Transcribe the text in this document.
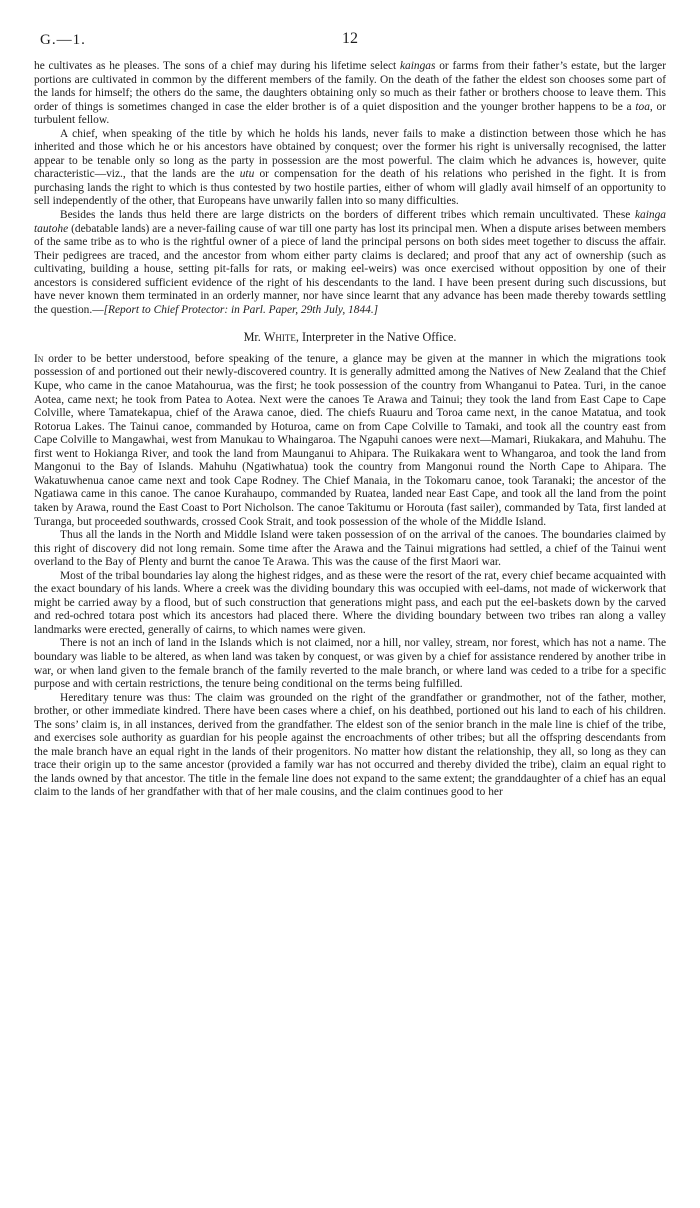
G.—1.	12

he cultivates as he pleases. The sons of a chief may during his lifetime select kaingas or farms from their father’s estate, but the larger portions are cultivated in common by the different members of the family. On the death of the father the eldest son chooses some part of the lands for himself; the others do the same, the daughters obtaining only so much as their father or brothers choose to leave them. This order of things is sometimes changed in case the elder brother is of a quiet disposition and the younger brother happens to be a toa, or turbulent fellow.

A chief, when speaking of the title by which he holds his lands, never fails to make a distinction between those which he has inherited and those which he or his ancestors have obtained by conquest; over the former his right is universally recognised, the latter appear to be tenable only so long as the party in possession are the most powerful. The claim which he advances is, however, quite characteristic—viz., that the lands are the utu or compensation for the death of his relations who perished in the fight. It is from purchasing lands the right to which is thus contested by two hostile parties, either of whom will gladly avail himself of an opportunity to sell independently of the other, that Europeans have unwarily fallen into so many difficulties.

Besides the lands thus held there are large districts on the borders of different tribes which remain uncultivated. These kainga tautohe (debatable lands) are a never-failing cause of war till one party has lost its principal men. When a dispute arises between members of the same tribe as to who is the rightful owner of a piece of land the principal persons on both sides meet together to discuss the affair. Their pedigrees are traced, and the ancestor from whom either party claims is declared; and proof that any act of ownership (such as cultivating, building a house, setting pit-falls for rats, or making eel-weirs) was once exercised without opposition by one of their ancestors is considered sufficient evidence of the right of his descendants to the land. I have been present during such discussions, but have never known them terminated in an orderly manner, nor have since learnt that any advance has been made thereby towards settling the question.—[Report to Chief Protector: in Parl. Paper, 29th July, 1844.]

Mr. White, Interpreter in the Native Office.

In order to be better understood, before speaking of the tenure, a glance may be given at the manner in which the migrations took possession of and portioned out their newly-discovered country. It is generally admitted among the Natives of New Zealand that the Chief Kupe, who came in the canoe Matahourua, was the first; he took possession of the country from Whanganui to Patea. Turi, in the canoe Aotea, came next; he took from Patea to Aotea. Next were the canoes Te Arawa and Tainui; they took the land from East Cape to Cape Colville, where Tamatekapua, chief of the Arawa canoe, died. The chiefs Ruauru and Toroa came next, in the canoe Matatua, and took Rotorua Lakes. The Tainui canoe, commanded by Hoturoa, came on from Cape Colville to Tamaki, and took all the country east from Cape Colville to Mangawhai, west from Manukau to Whaingaroa. The Ngapuhi canoes were next—Mamari, Riukakara, and Mahuhu. The first went to Hokianga River, and took the land from Maunganui to Ahipara. The Ruikakara went to Whangaroa, and took the land from Mangonui to the Bay of Islands. Mahuhu (Ngatiwhatua) took the country from Mangonui round the North Cape to Ahipara. The Wakatuwhenua canoe came next and took Cape Rodney. The Chief Manaia, in the Tokomaru canoe, took Taranaki; the ancestor of the Ngatiawa came in this canoe. The canoe Kurahaupo, commanded by Ruatea, landed near East Cape, and took all the land from the point taken by Arawa, round the East Coast to Port Nicholson. The canoe Takitumu or Horouta (fast sailer), commanded by Tata, first landed at Turanga, but proceeded southwards, crossed Cook Strait, and took possession of the whole of the Middle Island.

Thus all the lands in the North and Middle Island were taken possession of on the arrival of the canoes. The boundaries claimed by this right of discovery did not long remain. Some time after the Arawa and the Tainui migrations had settled, a chief of the Tainui went overland to the Bay of Plenty and burnt the canoe Te Arawa. This was the cause of the first Maori war.

Most of the tribal boundaries lay along the highest ridges, and as these were the resort of the rat, every chief became acquainted with the exact boundary of his lands. Where a creek was the dividing boundary this was occupied with eel-dams, not made of wickerwork that might be carried away by a flood, but of such construction that generations might pass, and each put the eel-baskets down by the carved and red-ochred totara post which its ancestors had placed there. Where the dividing boundary between two tribes ran along a valley landmarks were erected, generally of cairns, to which names were given.

There is not an inch of land in the Islands which is not claimed, nor a hill, nor valley, stream, nor forest, which has not a name. The boundary was liable to be altered, as when land was taken by conquest, or was given by a chief for assistance rendered by another tribe in war, or when land given to the female branch of the family reverted to the male branch, or where land was ceded to a tribe for a specific purpose and with certain restrictions, the tenure being conditional on the terms being fulfilled.

Hereditary tenure was thus: The claim was grounded on the right of the grandfather or grandmother, not of the father, mother, brother, or other immediate kindred. There have been cases where a chief, on his deathbed, portioned out his land to each of his children. The sons’ claim is, in all instances, derived from the grandfather. The eldest son of the senior branch in the male line is chief of the tribe, and exercises sole authority as guardian for his people against the encroachments of other tribes; but all the offspring descendants from the male branch have an equal right in the lands of their progenitors. No matter how distant the relationship, they all, so long as they can trace their origin up to the same ancestor (provided a family war has not occurred and thereby divided the tribe), claim an equal right to the lands owned by that ancestor. The title in the female line does not expand to the same extent; the granddaughter of a chief has an equal claim to the lands of her grandfather with that of her male cousins, and the claim continues good to her
